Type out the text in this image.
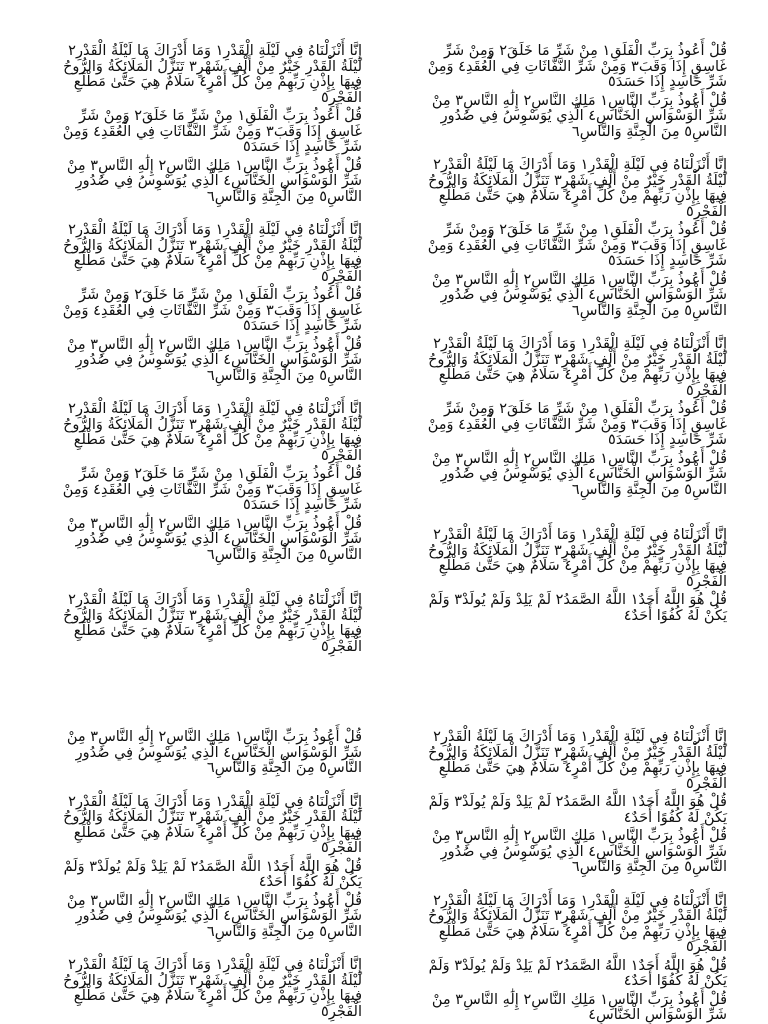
قُلْ أَعُوذُ بِرَبِّ الْفَلَقِ١ مِنْ شَرِّ مَا خَلَقَ٢ وَمِنْ شَرِّ غَاسِقٍ إِذَا وَقَبَ٣ وَمِنْ شَرِّ النَّفَّاثَاتِ فِي الْعُقَدِ٤ وَمِنْ شَرِّ حَاسِدٍ إِذَا حَسَدَ٥

قُلْ أَعُوذُ بِرَبِّ النَّاسِ١ مَلِكِ النَّاسِ٢ إِلَٰهِ النَّاسِ٣ مِنْ شَرِّ الْوَسْوَاسِ الْخَنَّاسِ٤ الَّذِي يُوَسْوِسُ فِي صُدُورِ النَّاسِ٥ مِنَ الْجِنَّةِ وَالنَّاسِ٦

إِنَّا أَنْزَلْنَاهُ فِي لَيْلَةِ الْقَدْرِ١ وَمَا أَدْرَاكَ مَا لَيْلَةُ الْقَدْرِ٢ لَيْلَةُ الْقَدْرِ خَيْرٌ مِنْ أَلْفِ شَهْرٍ٣ تَنَزَّلُ الْمَلَائِكَةُ وَالرُّوحُ فِيهَا بِإِذْنِ رَبِّهِمْ مِنْ كُلِّ أَمْرٍ٤ سَلَامٌ هِيَ حَتَّىٰ مَطْلَعِ الْفَجْرِ٥

قُلْ أَعُوذُ بِرَبِّ الْفَلَقِ١ مِنْ شَرِّ مَا خَلَقَ٢ وَمِنْ شَرِّ غَاسِقٍ إِذَا وَقَبَ٣ وَمِنْ شَرِّ النَّفَّاثَاتِ فِي الْعُقَدِ٤ وَمِنْ شَرِّ حَاسِدٍ إِذَا حَسَدَ٥

قُلْ أَعُوذُ بِرَبِّ النَّاسِ١ مَلِكِ النَّاسِ٢ إِلَٰهِ النَّاسِ٣ مِنْ شَرِّ الْوَسْوَاسِ الْخَنَّاسِ٤ الَّذِي يُوَسْوِسُ فِي صُدُورِ النَّاسِ٥ مِنَ الْجِنَّةِ وَالنَّاسِ٦

إِنَّا أَنْزَلْنَاهُ فِي لَيْلَةِ الْقَدْرِ١ وَمَا أَدْرَاكَ مَا لَيْلَةُ الْقَدْرِ٢ لَيْلَةُ الْقَدْرِ خَيْرٌ مِنْ أَلْفِ شَهْرٍ٣ تَنَزَّلُ الْمَلَائِكَةُ وَالرُّوحُ فِيهَا بِإِذْنِ رَبِّهِمْ مِنْ كُلِّ أَمْرٍ٤ سَلَامٌ هِيَ حَتَّىٰ مَطْلَعِ الْفَجْرِ٥

قُلْ أَعُوذُ بِرَبِّ الْفَلَقِ١ مِنْ شَرِّ مَا خَلَقَ٢ وَمِنْ شَرِّ غَاسِقٍ إِذَا وَقَبَ٣ وَمِنْ شَرِّ النَّفَّاثَاتِ فِي الْعُقَدِ٤ وَمِنْ شَرِّ حَاسِدٍ إِذَا حَسَدَ٥

قُلْ أَعُوذُ بِرَبِّ النَّاسِ١ مَلِكِ النَّاسِ٢ إِلَٰهِ النَّاسِ٣ مِنْ شَرِّ الْوَسْوَاسِ الْخَنَّاسِ٤ الَّذِي يُوَسْوِسُ فِي صُدُورِ النَّاسِ٥ مِنَ الْجِنَّةِ وَالنَّاسِ٦

إِنَّا أَنْزَلْنَاهُ فِي لَيْلَةِ الْقَدْرِ١ وَمَا أَدْرَاكَ مَا لَيْلَةُ الْقَدْرِ٢ لَيْلَةُ الْقَدْرِ خَيْرٌ مِنْ أَلْفِ شَهْرٍ٣ تَنَزَّلُ الْمَلَائِكَةُ وَالرُّوحُ فِيهَا بِإِذْنِ رَبِّهِمْ مِنْ كُلِّ أَمْرٍ٤ سَلَامٌ هِيَ حَتَّىٰ مَطْلَعِ الْفَجْرِ٥

قُلْ هُوَ اللَّهُ أَحَدٌ١ اللَّهُ الصَّمَدُ٢ لَمْ يَلِدْ وَلَمْ يُولَدْ٣ وَلَمْ يَكُنْ لَهُ كُفُوًا أَحَدٌ٤

إِنَّا أَنْزَلْنَاهُ فِي لَيْلَةِ الْقَدْرِ١ وَمَا أَدْرَاكَ مَا لَيْلَةُ الْقَدْرِ٢ لَيْلَةُ الْقَدْرِ خَيْرٌ مِنْ أَلْفِ شَهْرٍ٣ تَنَزَّلُ الْمَلَائِكَةُ وَالرُّوحُ فِيهَا بِإِذْنِ رَبِّهِمْ مِنْ كُلِّ أَمْرٍ٤ سَلَامٌ هِيَ حَتَّىٰ مَطْلَعِ الْفَجْرِ٥

قُلْ أَعُوذُ بِرَبِّ الْفَلَقِ١ مِنْ شَرِّ مَا خَلَقَ٢ وَمِنْ شَرِّ غَاسِقٍ إِذَا وَقَبَ٣ وَمِنْ شَرِّ النَّفَّاثَاتِ فِي الْعُقَدِ٤ وَمِنْ شَرِّ حَاسِدٍ إِذَا حَسَدَ٥

قُلْ أَعُوذُ بِرَبِّ النَّاسِ١ مَلِكِ النَّاسِ٢ إِلَٰهِ النَّاسِ٣ مِنْ شَرِّ الْوَسْوَاسِ الْخَنَّاسِ٤ الَّذِي يُوَسْوِسُ فِي صُدُورِ النَّاسِ٥ مِنَ الْجِنَّةِ وَالنَّاسِ٦

إِنَّا أَنْزَلْنَاهُ فِي لَيْلَةِ الْقَدْرِ١ وَمَا أَدْرَاكَ مَا لَيْلَةُ الْقَدْرِ٢ لَيْلَةُ الْقَدْرِ خَيْرٌ مِنْ أَلْفِ شَهْرٍ٣ تَنَزَّلُ الْمَلَائِكَةُ وَالرُّوحُ فِيهَا بِإِذْنِ رَبِّهِمْ مِنْ كُلِّ أَمْرٍ٤ سَلَامٌ هِيَ حَتَّىٰ مَطْلَعِ الْفَجْرِ٥

قُلْ أَعُوذُ بِرَبِّ الْفَلَقِ١ مِنْ شَرِّ مَا خَلَقَ٢ وَمِنْ شَرِّ غَاسِقٍ إِذَا وَقَبَ٣ وَمِنْ شَرِّ النَّفَّاثَاتِ فِي الْعُقَدِ٤ وَمِنْ شَرِّ حَاسِدٍ إِذَا حَسَدَ٥

قُلْ أَعُوذُ بِرَبِّ النَّاسِ١ مَلِكِ النَّاسِ٢ إِلَٰهِ النَّاسِ٣ مِنْ شَرِّ الْوَسْوَاسِ الْخَنَّاسِ٤ الَّذِي يُوَسْوِسُ فِي صُدُورِ النَّاسِ٥ مِنَ الْجِنَّةِ وَالنَّاسِ٦

إِنَّا أَنْزَلْنَاهُ فِي لَيْلَةِ الْقَدْرِ١ وَمَا أَدْرَاكَ مَا لَيْلَةُ الْقَدْرِ٢ لَيْلَةُ الْقَدْرِ خَيْرٌ مِنْ أَلْفِ شَهْرٍ٣ تَنَزَّلُ الْمَلَائِكَةُ وَالرُّوحُ فِيهَا بِإِذْنِ رَبِّهِمْ مِنْ كُلِّ أَمْرٍ٤ سَلَامٌ هِيَ حَتَّىٰ مَطْلَعِ الْفَجْرِ٥

قُلْ أَعُوذُ بِرَبِّ الْفَلَقِ١ مِنْ شَرِّ مَا خَلَقَ٢ وَمِنْ شَرِّ غَاسِقٍ إِذَا وَقَبَ٣ وَمِنْ شَرِّ النَّفَّاثَاتِ فِي الْعُقَدِ٤ وَمِنْ شَرِّ حَاسِدٍ إِذَا حَسَدَ٥

قُلْ أَعُوذُ بِرَبِّ النَّاسِ١ مَلِكِ النَّاسِ٢ إِلَٰهِ النَّاسِ٣ مِنْ شَرِّ الْوَسْوَاسِ الْخَنَّاسِ٤ الَّذِي يُوَسْوِسُ فِي صُدُورِ النَّاسِ٥ مِنَ الْجِنَّةِ وَالنَّاسِ٦

إِنَّا أَنْزَلْنَاهُ فِي لَيْلَةِ الْقَدْرِ١ وَمَا أَدْرَاكَ مَا لَيْلَةُ الْقَدْرِ٢ لَيْلَةُ الْقَدْرِ خَيْرٌ مِنْ أَلْفِ شَهْرٍ٣ تَنَزَّلُ الْمَلَائِكَةُ وَالرُّوحُ فِيهَا بِإِذْنِ رَبِّهِمْ مِنْ كُلِّ أَمْرٍ٤ سَلَامٌ هِيَ حَتَّىٰ مَطْلَعِ الْفَجْرِ٥

إِنَّا أَنْزَلْنَاهُ فِي لَيْلَةِ الْقَدْرِ١ وَمَا أَدْرَاكَ مَا لَيْلَةُ الْقَدْرِ٢ لَيْلَةُ الْقَدْرِ خَيْرٌ مِنْ أَلْفِ شَهْرٍ٣ تَنَزَّلُ الْمَلَائِكَةُ وَالرُّوحُ فِيهَا بِإِذْنِ رَبِّهِمْ مِنْ كُلِّ أَمْرٍ٤ سَلَامٌ هِيَ حَتَّىٰ مَطْلَعِ الْفَجْرِ٥

قُلْ هُوَ اللَّهُ أَحَدٌ١ اللَّهُ الصَّمَدُ٢ لَمْ يَلِدْ وَلَمْ يُولَدْ٣ وَلَمْ يَكُنْ لَهُ كُفُوًا أَحَدٌ٤

قُلْ أَعُوذُ بِرَبِّ النَّاسِ١ مَلِكِ النَّاسِ٢ إِلَٰهِ النَّاسِ٣ مِنْ شَرِّ الْوَسْوَاسِ الْخَنَّاسِ٤ الَّذِي يُوَسْوِسُ فِي صُدُورِ النَّاسِ٥ مِنَ الْجِنَّةِ وَالنَّاسِ٦

إِنَّا أَنْزَلْنَاهُ فِي لَيْلَةِ الْقَدْرِ١ وَمَا أَدْرَاكَ مَا لَيْلَةُ الْقَدْرِ٢ لَيْلَةُ الْقَدْرِ خَيْرٌ مِنْ أَلْفِ شَهْرٍ٣ تَنَزَّلُ الْمَلَائِكَةُ وَالرُّوحُ فِيهَا بِإِذْنِ رَبِّهِمْ مِنْ كُلِّ أَمْرٍ٤ سَلَامٌ هِيَ حَتَّىٰ مَطْلَعِ الْفَجْرِ٥

قُلْ هُوَ اللَّهُ أَحَدٌ١ اللَّهُ الصَّمَدُ٢ لَمْ يَلِدْ وَلَمْ يُولَدْ٣ وَلَمْ يَكُنْ لَهُ كُفُوًا أَحَدٌ٤

قُلْ أَعُوذُ بِرَبِّ النَّاسِ١ مَلِكِ النَّاسِ٢ إِلَٰهِ النَّاسِ٣ مِنْ شَرِّ الْوَسْوَاسِ الْخَنَّاسِ٤

قُلْ أَعُوذُ بِرَبِّ النَّاسِ١ مَلِكِ النَّاسِ٢ إِلَٰهِ النَّاسِ٣ مِنْ شَرِّ الْوَسْوَاسِ الْخَنَّاسِ٤ الَّذِي يُوَسْوِسُ فِي صُدُورِ النَّاسِ٥ مِنَ الْجِنَّةِ وَالنَّاسِ٦

إِنَّا أَنْزَلْنَاهُ فِي لَيْلَةِ الْقَدْرِ١ وَمَا أَدْرَاكَ مَا لَيْلَةُ الْقَدْرِ٢ لَيْلَةُ الْقَدْرِ خَيْرٌ مِنْ أَلْفِ شَهْرٍ٣ تَنَزَّلُ الْمَلَائِكَةُ وَالرُّوحُ فِيهَا بِإِذْنِ رَبِّهِمْ مِنْ كُلِّ أَمْرٍ٤ سَلَامٌ هِيَ حَتَّىٰ مَطْلَعِ الْفَجْرِ٥

قُلْ هُوَ اللَّهُ أَحَدٌ١ اللَّهُ الصَّمَدُ٢ لَمْ يَلِدْ وَلَمْ يُولَدْ٣ وَلَمْ يَكُنْ لَهُ كُفُوًا أَحَدٌ٤

قُلْ أَعُوذُ بِرَبِّ النَّاسِ١ مَلِكِ النَّاسِ٢ إِلَٰهِ النَّاسِ٣ مِنْ شَرِّ الْوَسْوَاسِ الْخَنَّاسِ٤ الَّذِي يُوَسْوِسُ فِي صُدُورِ النَّاسِ٥ مِنَ الْجِنَّةِ وَالنَّاسِ٦

إِنَّا أَنْزَلْنَاهُ فِي لَيْلَةِ الْقَدْرِ١ وَمَا أَدْرَاكَ مَا لَيْلَةُ الْقَدْرِ٢ لَيْلَةُ الْقَدْرِ خَيْرٌ مِنْ أَلْفِ شَهْرٍ٣ تَنَزَّلُ الْمَلَائِكَةُ وَالرُّوحُ فِيهَا بِإِذْنِ رَبِّهِمْ مِنْ كُلِّ أَمْرٍ٤ سَلَامٌ هِيَ حَتَّىٰ مَطْلَعِ الْفَجْرِ٥
